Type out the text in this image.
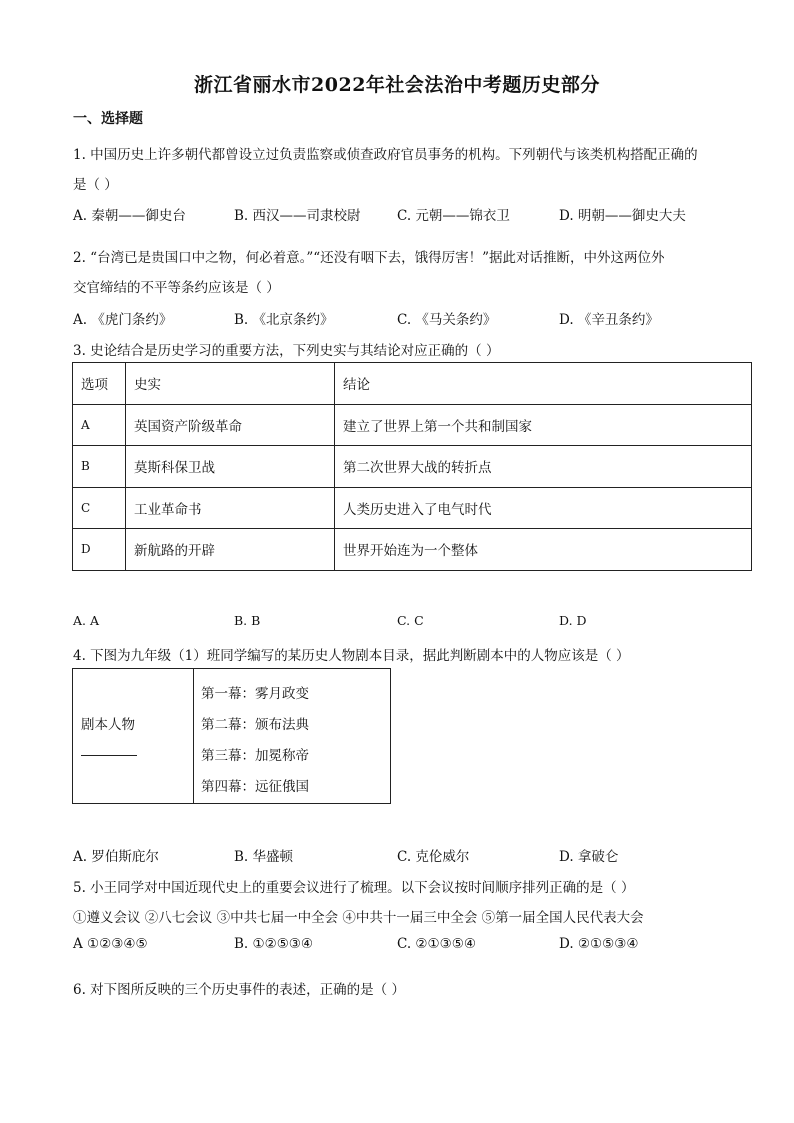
浙江省丽水市2022年社会法治中考题历史部分
一、选择题
1. 中国历史上许多朝代都曾设立过负责监察或侦查政府官员事务的机构。下列朝代与该类机构搭配正确的
是（ ）
A. 秦朝——御史台	B. 西汉——司隶校尉	C. 元朝——锦衣卫	D. 明朝——御史大夫
2. “台湾已是贵国口中之物，何必着意。”“还没有咽下去，饿得厉害！”据此对话推断，中外这两位外
交官缔结的不平等条约应该是（ ）
A. 《虎门条约》	B. 《北京条约》	C. 《马关条约》	D. 《辛丑条约》
3. 史论结合是历史学习的重要方法，下列史实与其结论对应正确的（ ）
选项	史实	结论
A	英国资产阶级革命	建立了世界上第一个共和制国家
B	莫斯科保卫战	第二次世界大战的转折点
C	工业革命书	人类历史进入了电气时代
D	新航路的开辟	世界开始连为一个整体
A. A	B. B	C. C	D. D
4. 下图为九年级（1）班同学编写的某历史人物剧本目录，据此判断剧本中的人物应该是（ ）
剧本人物
第一幕：雾月政变
第二幕：颁布法典
第三幕：加冕称帝
第四幕：远征俄国
A. 罗伯斯庇尔	B. 华盛顿	C. 克伦威尔	D. 拿破仑
5. 小王同学对中国近现代史上的重要会议进行了梳理。以下会议按时间顺序排列正确的是（ ）
①遵义会议 ②八七会议 ③中共七届一中全会 ④中共十一届三中全会 ⑤第一届全国人民代表大会
A ①②③④⑤	B. ①②⑤③④	C. ②①③⑤④	D. ②①⑤③④
6. 对下图所反映的三个历史事件的表述，正确的是（ ）
